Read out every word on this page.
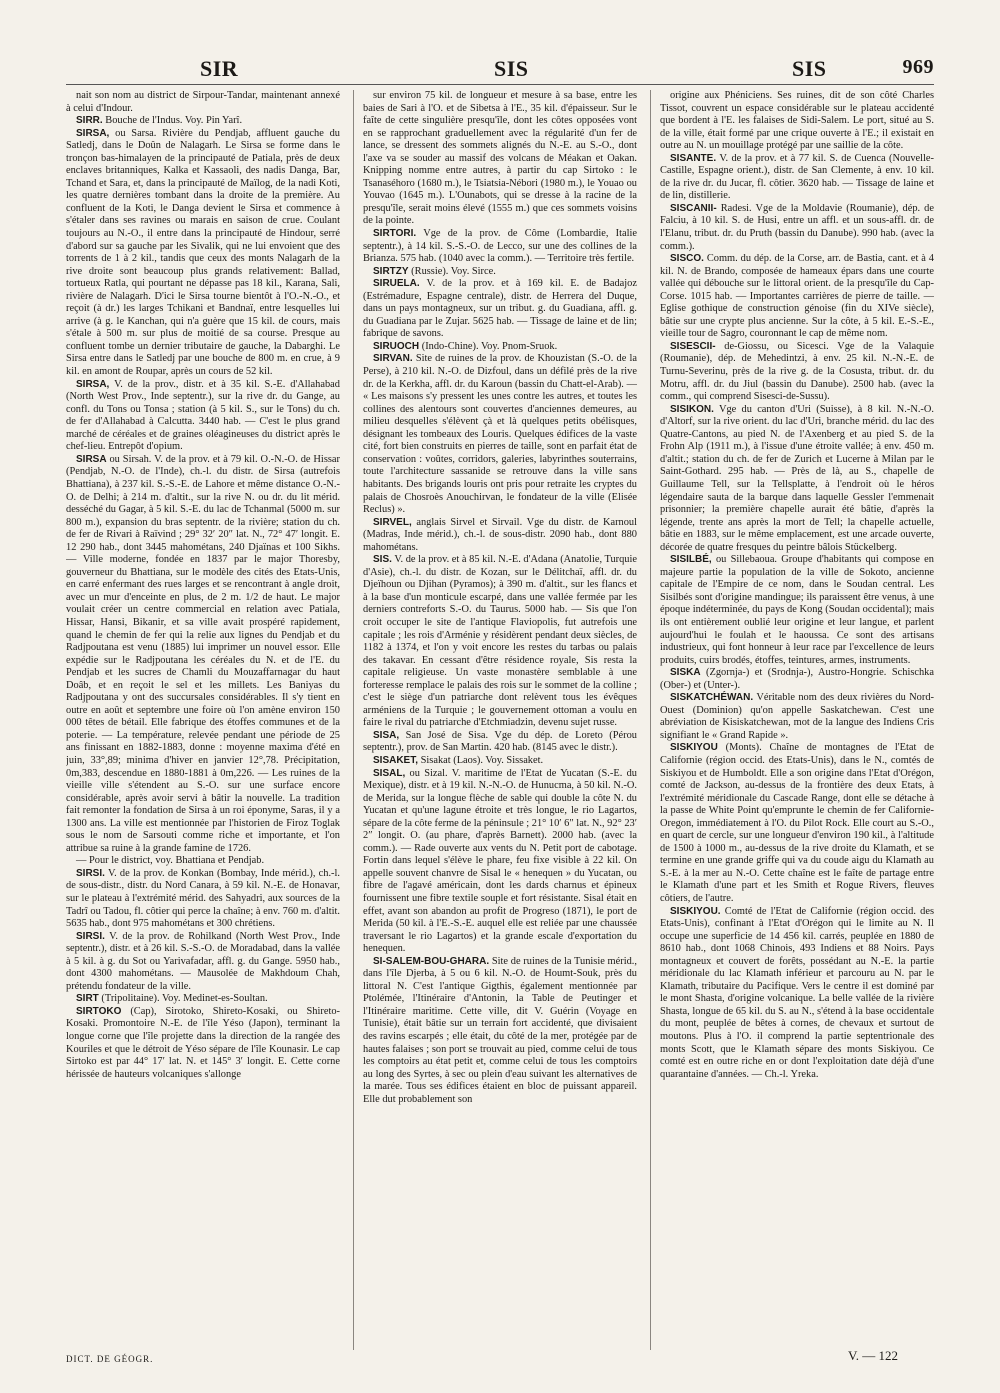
SIR	SIS	SIS	969

nait son nom au district de Sirpour-Tandar, maintenant annexé à celui d'Indour.

SIRR. Bouche de l'Indus. Voy. Pin Yarî.

SIRSA, ou Sarsa. Rivière du Pendjab, affluent gauche du Satledj, dans le Doûn de Nalagarh. Le Sirsa se forme dans le tronçon bas-himalayen de la principauté de Patiala, près de deux enclaves britanniques, Kalka et Kassaoli, des nadis Danga, Bar, Tchand et Sara, et, dans la principauté de Maïlog, de la nadi Koti, les quatre dernières tombant dans la droite de la première. Au confluent de la Koti, le Danga devient le Sirsa et commence à s'étaler dans ses ravines ou marais en saison de crue. Coulant toujours au N.-O., il entre dans la principauté de Hindour, serré d'abord sur sa gauche par les Sivalik, qui ne lui envoient que des torrents de 1 à 2 kil., tandis que ceux des monts Nalagarh de la rive droite sont beaucoup plus grands relativement: Ballad, tortueux Ratla, qui pourtant ne dépasse pas 18 kil., Karana, Sali, rivière de Nalagarh. D'ici le Sirsa tourne bientôt à l'O.-N.-O., et reçoit (à dr.) les larges Tchikani et Bandnaï, entre lesquelles lui arrive (à g. le Kanchan, qui n'a guère que 15 kil. de cours, mais s'étale à 500 m. sur plus de moitié de sa course. Presque au confluent tombe un dernier tributaire de gauche, la Dabarghi. Le Sirsa entre dans le Satledj par une bouche de 800 m. en crue, à 9 kil. en amont de Roupar, après un cours de 52 kil.

SIRSA, V. de la prov., distr. et à 35 kil. S.-E. d'Allahabad (North West Prov., Inde septentr.), sur la rive dr. du Gange, au confl. du Tons ou Tonsa ; station (à 5 kil. S., sur le Tons) du ch. de fer d'Allahabad à Calcutta. 3440 hab. — C'est le plus grand marché de céréales et de graines oléagineuses du district après le chef-lieu. Entrepôt d'opium.

SIRSA ou Sirsah. V. de la prov. et à 79 kil. O.-N.-O. de Hissar (Pendjab, N.-O. de l'Inde), ch.-l. du distr. de Sirsa (autrefois Bhattiana), à 237 kil. S.-S.-E. de Lahore et même distance O.-N.-O. de Delhi; à 214 m. d'altit., sur la rive N. ou dr. du lit mérid. desséché du Gagar, à 5 kil. S.-E. du lac de Tchanmal (5000 m. sur 800 m.), expansion du bras septentr. de la rivière; station du ch. de fer de Rivari à Raïvind ; 29° 32′ 20″ lat. N., 72° 47′ longit. E. 12 290 hab., dont 3445 mahométans, 240 Djaïnas et 100 Sikhs. — Ville moderne, fondée en 1837 par le major Thoresby, gouverneur du Bhattiana, sur le modèle des cités des Etats-Unis, en carré enfermant des rues larges et se rencontrant à angle droit, avec un mur d'enceinte en plus, de 2 m. 1/2 de haut. Le major voulait créer un centre commercial en relation avec Patiala, Hissar, Hansi, Bikanir, et sa ville avait prospéré rapidement, quand le chemin de fer qui la relie aux lignes du Pendjab et du Radjpoutana est venu (1885) lui imprimer un nouvel essor. Elle expédie sur le Radjpoutana les céréales du N. et de l'E. du Pendjab et les sucres de Chamli du Mouzaffarnagar du haut Doâb, et en reçoit le sel et les millets. Les Baniyas du Radjpoutana y ont des succursales considérables. Il s'y tient en outre en août et septembre une foire où l'on amène environ 150 000 têtes de bétail. Elle fabrique des étoffes communes et de la poterie. — La température, relevée pendant une période de 25 ans finissant en 1882-1883, donne : moyenne maxima d'été en juin, 33°,89; minima d'hiver en janvier 12°,78. Précipitation, 0m,383, descendue en 1880-1881 à 0m,226. — Les ruines de la vieille ville s'étendent au S.-O. sur une surface encore considérable, après avoir servi à bâtir la nouvelle. La tradition fait remonter la fondation de Sirsa à un roi éponyme, Saras, il y a 1300 ans. La ville est mentionnée par l'historien de Firoz Toglak sous le nom de Sarsouti comme riche et importante, et l'on attribue sa ruine à la grande famine de 1726.

— Pour le district, voy. Bhattiana et Pendjab.

SIRSI. V. de la prov. de Konkan (Bombay, Inde mérid.), ch.-l. de sous-distr., distr. du Nord Canara, à 59 kil. N.-E. de Honavar, sur le plateau à l'extrémité mérid. des Sahyadri, aux sources de la Tadrî ou Tadou, fl. côtier qui perce la chaîne; à env. 760 m. d'altit. 5635 hab., dont 975 mahométans et 300 chrétiens.

SIRSI. V. de la prov. de Rohilkand (North West Prov., Inde septentr.), distr. et à 26 kil. S.-S.-O. de Moradabad, dans la vallée à 5 kil. à g. du Sot ou Yarivafadar, affl. g. du Gange. 5950 hab., dont 4300 mahométans. — Mausolée de Makhdoum Chah, prétendu fondateur de la ville.

SIRT (Tripolitaine). Voy. Medinet-es-Soultan.

SIRTOKO (Cap), Sirotoko, Shireto-Kosaki, ou Shireto-Kosaki. Promontoire N.-E. de l'île Yéso (Japon), terminant la longue corne que l'île projette dans la direction de la rangée des Kouriles et que le détroit de Yéso sépare de l'île Kounasir. Le cap Sirtoko est par 44° 17′ lat. N. et 145° 3′ longit. E. Cette corne hérissée de hauteurs volcaniques s'allonge

sur environ 75 kil. de longueur et mesure à sa base, entre les baies de Sari à l'O. et de Sibetsa à l'E., 35 kil. d'épaisseur. Sur le faîte de cette singulière presqu'île, dont les côtes opposées vont en se rapprochant graduellement avec la régularité d'un fer de lance, se dressent des sommets alignés du N.-E. au S.-O., dont l'axe va se souder au massif des volcans de Méakan et Oakan. Knipping nomme entre autres, à partir du cap Sirtoko : le Tsanaséhoro (1680 m.), le Tsiatsia-Nébori (1980 m.), le Youao ou Youvao (1645 m.). L'Ounabots, qui se dresse à la racine de la presqu'île, serait moins élevé (1555 m.) que ces sommets voisins de la pointe.

SIRTORI. Vge de la prov. de Côme (Lombardie, Italie septentr.), à 14 kil. S.-S.-O. de Lecco, sur une des collines de la Brianza. 575 hab. (1040 avec la comm.). — Territoire très fertile.

SIRTZY (Russie). Voy. Sirce.

SIRUELA. V. de la prov. et à 169 kil. E. de Badajoz (Estrémadure, Espagne centrale), distr. de Herrera del Duque, dans un pays montagneux, sur un tribut. g. du Guadiana, affl. g. du Guadiana par le Zujar. 5625 hab. — Tissage de laine et de lin; fabrique de savons.

SIRUOCH (Indo-Chine). Voy. Pnom-Sruok.

SIRVAN. Site de ruines de la prov. de Khouzistan (S.-O. de la Perse), à 210 kil. N.-O. de Dizfoul, dans un défilé près de la rive dr. de la Kerkha, affl. dr. du Karoun (bassin du Chatt-el-Arab). — « Les maisons s'y pressent les unes contre les autres, et toutes les collines des alentours sont couvertes d'anciennes demeures, au milieu desquelles s'élèvent çà et là quelques petits obélisques, désignant les tombeaux des Louris. Quelques édifices de la vaste cité, fort bien construits en pierres de taille, sont en parfait état de conservation : voûtes, corridors, galeries, labyrinthes souterrains, toute l'architecture sassanide se retrouve dans la ville sans habitants. Des brigands louris ont pris pour retraite les cryptes du palais de Chosroès Anouchirvan, le fondateur de la ville (Elisée Reclus) ».

SIRVEL, anglais Sirvel et Sirvail. Vge du distr. de Karnoul (Madras, Inde mérid.), ch.-l. de sous-distr. 2090 hab., dont 880 mahométans.

SIS. V. de la prov. et à 85 kil. N.-E. d'Adana (Anatolie, Turquie d'Asie), ch.-l. du distr. de Kozan, sur le Délitchaï, affl. dr. du Djeïhoun ou Djihan (Pyramos); à 390 m. d'altit., sur les flancs et à la base d'un monticule escarpé, dans une vallée fermée par les derniers contreforts S.-O. du Taurus. 5000 hab. — Sis que l'on croit occuper le site de l'antique Flaviopolis, fut autrefois une capitale ; les rois d'Arménie y résidèrent pendant deux siècles, de 1182 à 1374, et l'on y voit encore les restes du tarbas ou palais des takavar. En cessant d'être résidence royale, Sis resta la capitale religieuse. Un vaste monastère semblable à une forteresse remplace le palais des rois sur le sommet de la colline ; c'est le siège d'un patriarche dont relèvent tous les évêques arméniens de la Turquie ; le gouvernement ottoman a voulu en faire le rival du patriarche d'Etchmiadzin, devenu sujet russe.

SISA, San José de Sisa. Vge du dép. de Loreto (Pérou septentr.), prov. de San Martin. 420 hab. (8145 avec le distr.).

SISAKET, Sisakat (Laos). Voy. Sissaket.

SISAL, ou Sizal. V. maritime de l'Etat de Yucatan (S.-E. du Mexique), distr. et à 19 kil. N.-N.-O. de Hunucma, à 50 kil. N.-O. de Merida, sur la longue flèche de sable qui double la côte N. du Yucatan et qu'une lagune étroite et très longue, le rio Lagartos, sépare de la côte ferme de la péninsule ; 21° 10′ 6″ lat. N., 92° 23′ 2″ longit. O. (au phare, d'après Barnett). 2000 hab. (avec la comm.). — Rade ouverte aux vents du N. Petit port de cabotage. Fortin dans lequel s'élève le phare, feu fixe visible à 22 kil. On appelle souvent chanvre de Sisal le « henequen » du Yucatan, ou fibre de l'agavé américain, dont les dards charnus et épineux fournissent une fibre textile souple et fort résistante. Sisal était en effet, avant son abandon au profit de Progreso (1871), le port de Merida (50 kil. à l'E.-S.-E. auquel elle est reliée par une chaussée traversant le rio Lagartos) et la grande escale d'exportation du henequen.

SI-SALEM-BOU-GHARA. Site de ruines de la Tunisie mérid., dans l'île Djerba, à 5 ou 6 kil. N.-O. de Houmt-Souk, près du littoral N. C'est l'antique Gigthis, également mentionnée par Ptolémée, l'Itinéraire d'Antonin, la Table de Peutinger et l'Itinéraire maritime. Cette ville, dit V. Guérin (Voyage en Tunisie), était bâtie sur un terrain fort accidenté, que divisaient des ravins escarpés ; elle était, du côté de la mer, protégée par de hautes falaises ; son port se trouvait au pied, comme celui de tous les comptoirs au état petit et, comme celui de tous les comptoirs au long des Syrtes, à sec ou plein d'eau suivant les alternatives de la marée. Tous ses édifices étaient en bloc de puissant appareil. Elle dut probablement son

origine aux Phéniciens. Ses ruines, dit de son côté Charles Tissot, couvrent un espace considérable sur le plateau accidenté que bordent à l'E. les falaises de Sidi-Salem. Le port, situé au S. de la ville, était formé par une crique ouverte à l'E.; il existait en outre au N. un mouillage protégé par une saillie de la côte.

SISANTE. V. de la prov. et à 77 kil. S. de Cuenca (Nouvelle-Castille, Espagne orient.), distr. de San Clemente, à env. 10 kil. de la rive dr. du Jucar, fl. côtier. 3620 hab. — Tissage de laine et de lin, distillerie.

SISCANII- Radesi. Vge de la Moldavie (Roumanie), dép. de Falciu, à 10 kil. S. de Husi, entre un affl. et un sous-affl. dr. de l'Elanu, tribut. dr. du Pruth (bassin du Danube). 990 hab. (avec la comm.).

SISCO. Comm. du dép. de la Corse, arr. de Bastia, cant. et à 4 kil. N. de Brando, composée de hameaux épars dans une courte vallée qui débouche sur le littoral orient. de la presqu'île du Cap-Corse. 1015 hab. — Importantes carrières de pierre de taille. — Eglise gothique de construction génoise (fin du XIVe siècle), bâtie sur une crypte plus ancienne. Sur la côte, à 5 kil. E.-S.-E., vieille tour de Sagro, couronnant le cap de même nom.

SISESCII- de-Giossu, ou Sicesci. Vge de la Valaquie (Roumanie), dép. de Mehedintzi, à env. 25 kil. N.-N.-E. de Turnu-Severinu, près de la rive g. de la Cosusta, tribut. dr. du Motru, affl. dr. du Jiul (bassin du Danube). 2500 hab. (avec la comm., qui comprend Sisesci-de-Sussu).

SISIKON. Vge du canton d'Uri (Suisse), à 8 kil. N.-N.-O. d'Altorf, sur la rive orient. du lac d'Uri, branche mérid. du lac des Quatre-Cantons, au pied N. de l'Axenberg et au pied S. de la Frohn Alp (1911 m.), à l'issue d'une étroite vallée; à env. 450 m. d'altit.; station du ch. de fer de Zurich et Lucerne à Milan par le Saint-Gothard. 295 hab. — Près de là, au S., chapelle de Guillaume Tell, sur la Tellsplatte, à l'endroit où le héros légendaire sauta de la barque dans laquelle Gessler l'emmenait prisonnier; la première chapelle aurait été bâtie, d'après la légende, trente ans après la mort de Tell; la chapelle actuelle, bâtie en 1883, sur le même emplacement, est une arcade ouverte, décorée de quatre fresques du peintre bâlois Stückelberg.

SISILBÉ, ou Sillebaoua. Groupe d'habitants qui compose en majeure partie la population de la ville de Sokoto, ancienne capitale de l'Empire de ce nom, dans le Soudan central. Les Sisilbés sont d'origine mandingue; ils paraissent être venus, à une époque indéterminée, du pays de Kong (Soudan occidental); mais ils ont entièrement oublié leur origine et leur langue, et parlent aujourd'hui le foulah et le haoussa. Ce sont des artisans industrieux, qui font honneur à leur race par l'excellence de leurs produits, cuirs brodés, étoffes, teintures, armes, instruments.

SISKA (Zgornja-) et (Srodnja-), Austro-Hongrie. Schischka (Ober-) et (Unter-).

SISKATCHÉWAN. Véritable nom des deux rivières du Nord-Ouest (Dominion) qu'on appelle Saskatchewan. C'est une abréviation de Kisiskatchewan, mot de la langue des Indiens Cris signifiant le « Grand Rapide ».

SISKIYOU (Monts). Chaîne de montagnes de l'Etat de Californie (région occid. des Etats-Unis), dans le N., comtés de Siskiyou et de Humboldt. Elle a son origine dans l'Etat d'Orégon, comté de Jackson, au-dessus de la frontière des deux Etats, à l'extrémité méridionale du Cascade Range, dont elle se détache à la passe de White Point qu'emprunte le chemin de fer Californie-Oregon, immédiatement à l'O. du Pilot Rock. Elle court au S.-O., en quart de cercle, sur une longueur d'environ 190 kil., à l'altitude de 1500 à 1000 m., au-dessus de la rive droite du Klamath, et se termine en une grande griffe qui va du coude aigu du Klamath au S.-E. à la mer au N.-O. Cette chaîne est le faîte de partage entre le Klamath d'une part et les Smith et Rogue Rivers, fleuves côtiers, de l'autre.

SISKIYOU. Comté de l'Etat de Californie (région occid. des Etats-Unis), confinant à l'Etat d'Orégon qui le limite au N. Il occupe une superficie de 14 456 kil. carrés, peuplée en 1880 de 8610 hab., dont 1068 Chinois, 493 Indiens et 88 Noirs. Pays montagneux et couvert de forêts, possédant au N.-E. la partie méridionale du lac Klamath inférieur et parcouru au N. par le Klamath, tributaire du Pacifique. Vers le centre il est dominé par le mont Shasta, d'origine volcanique. La belle vallée de la rivière Shasta, longue de 65 kil. du S. au N., s'étend à la base occidentale du mont, peuplée de bêtes à cornes, de chevaux et surtout de moutons. Plus à l'O. il comprend la partie septentrionale des monts Scott, que le Klamath sépare des monts Siskiyou. Ce comté est en outre riche en or dont l'exploitation date déjà d'une quarantaine d'années. — Ch.-l. Yreka.

DICT. DE GÉOGR.	V. — 122
